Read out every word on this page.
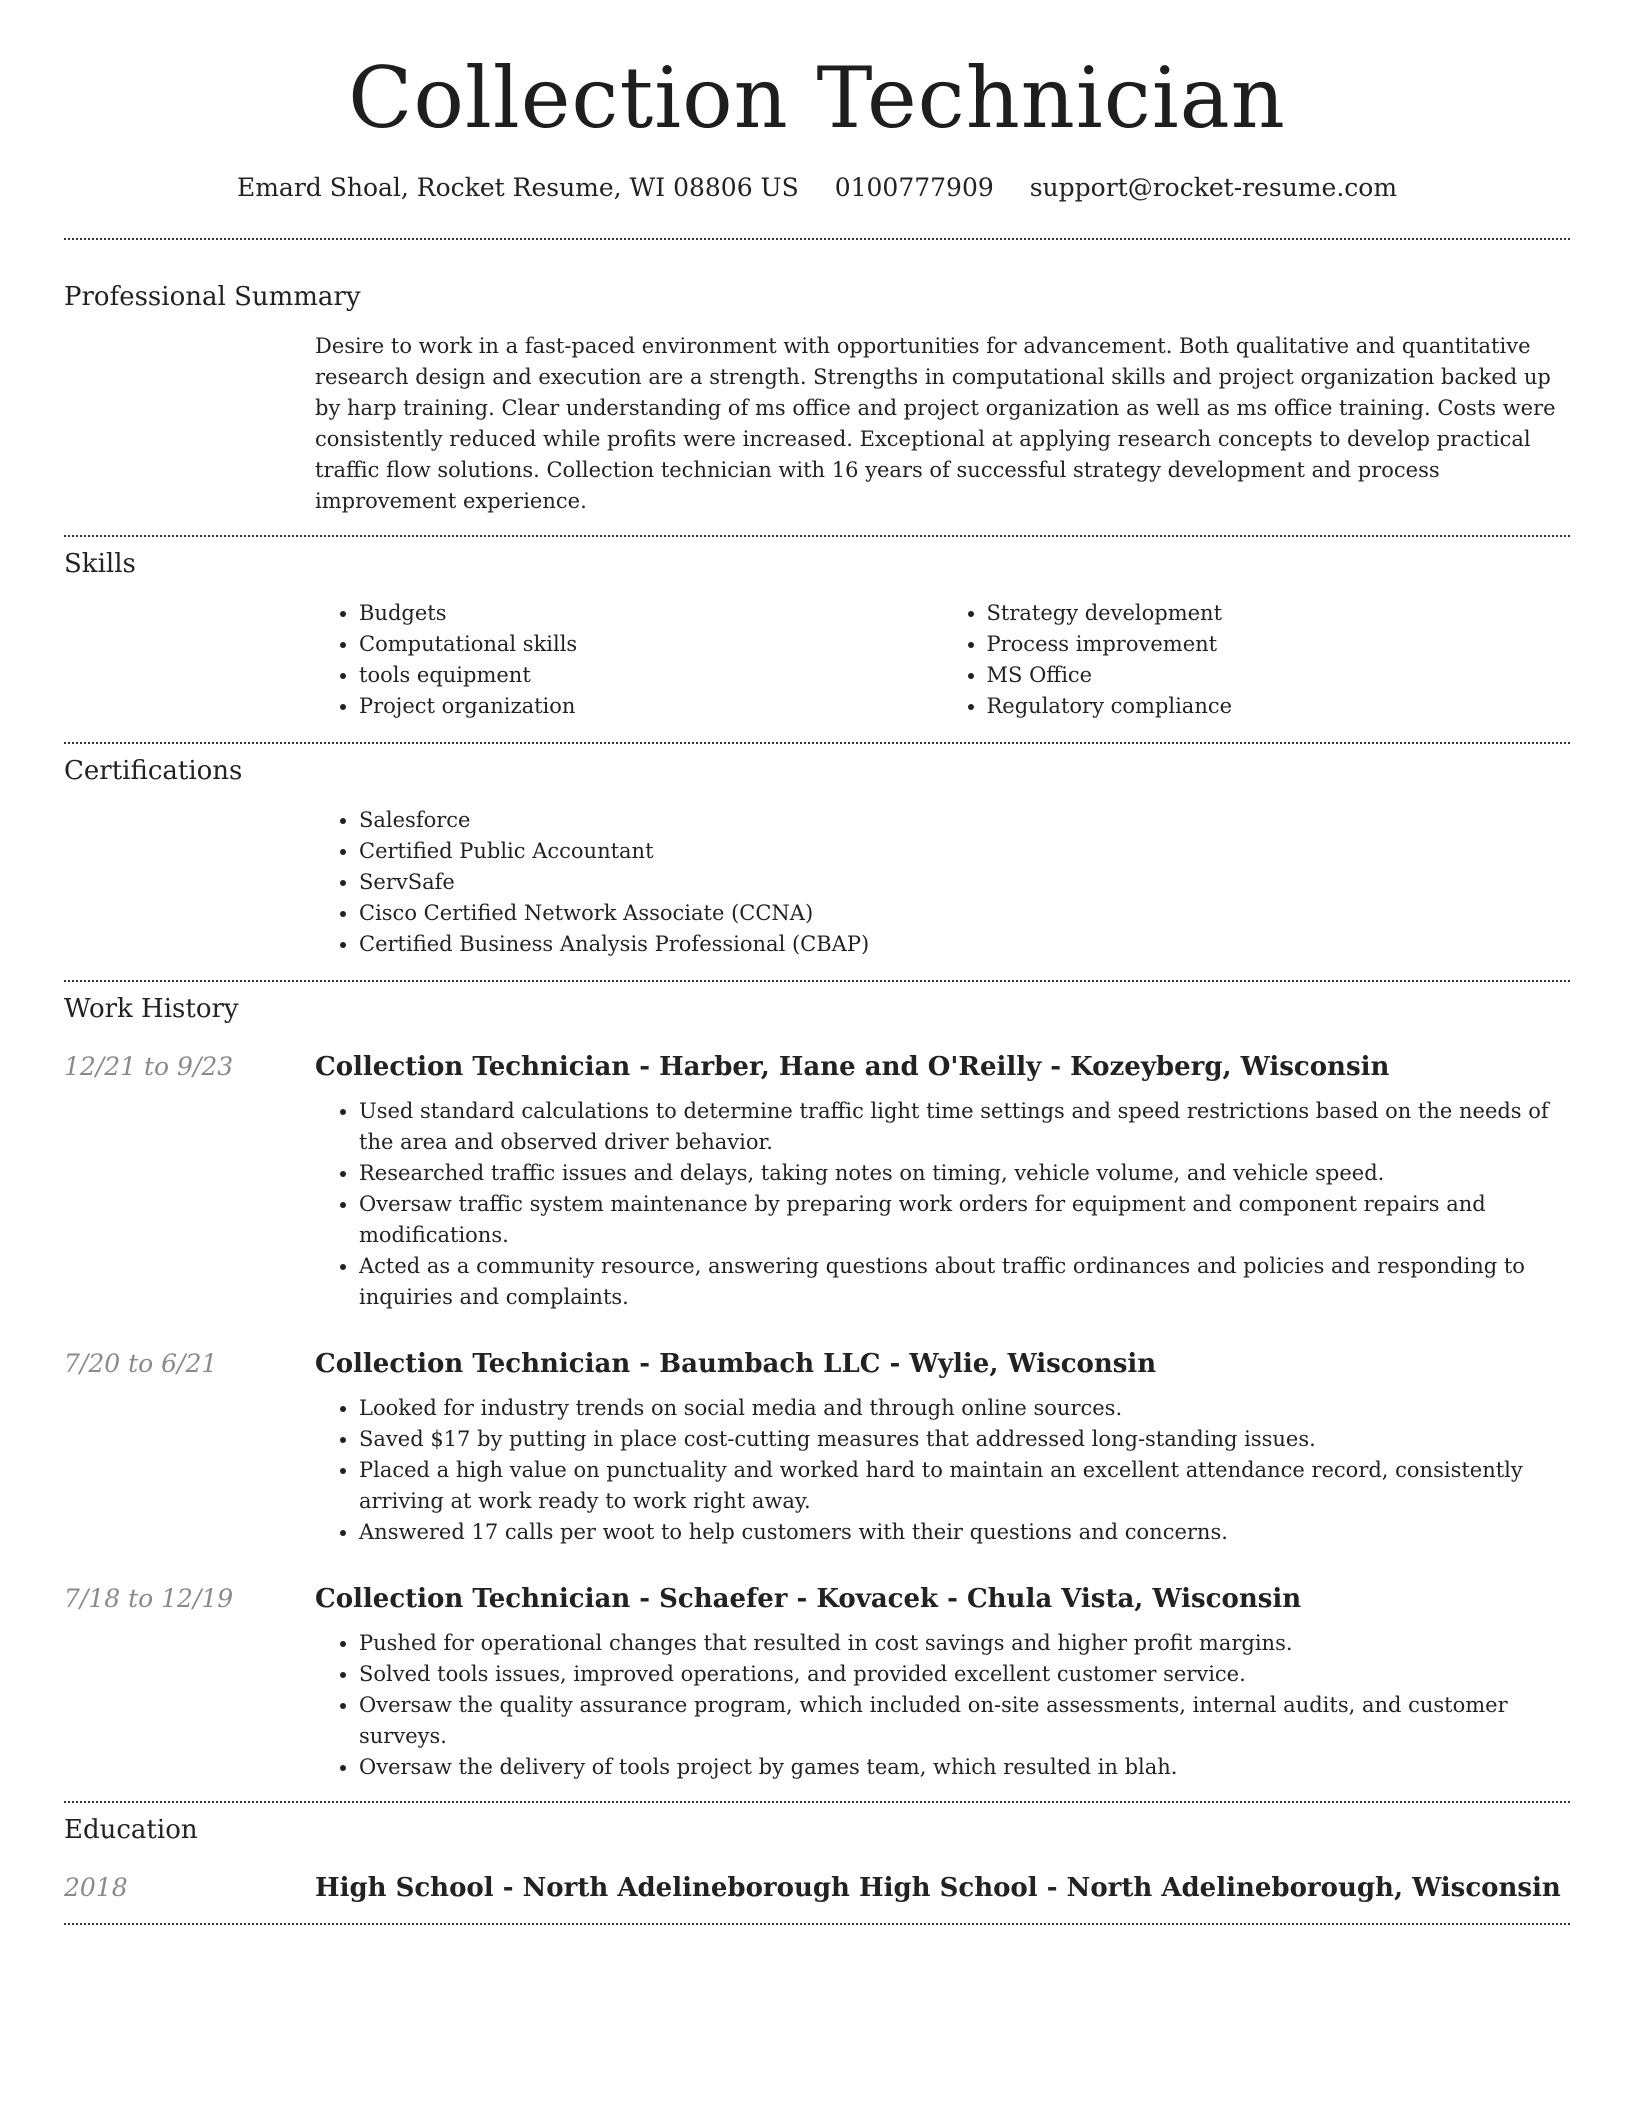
Collection Technician
Emard Shoal, Rocket Resume, WI 08806 US 0100777909 support@rocket-resume.com
Professional Summary

Desire to work in a fast-paced environment with opportunities for advancement. Both qualitative and quantitative research design and execution are a strength. Strengths in computational skills and project organization backed up by harp training. Clear understanding of ms office and project organization as well as ms office training. Costs were consistently reduced while profits were increased. Exceptional at applying research concepts to develop practical traffic flow solutions. Collection technician with 16 years of successful strategy development and process improvement experience.

Skills
• Budgets
• Computational skills
• tools equipment
• Project organization
• Strategy development
• Process improvement
• MS Office
• Regulatory compliance
Certifications
• Salesforce
• Certified Public Accountant
• ServSafe
• Cisco Certified Network Associate (CCNA)
• Certified Business Analysis Professional (CBAP)
Work History
12/21 to 9/23	Collection Technician - Harber, Hane and O'Reilly - Kozeyberg, Wisconsin
• Used standard calculations to determine traffic light time settings and speed restrictions based on the needs of the area and observed driver behavior.
• Researched traffic issues and delays, taking notes on timing, vehicle volume, and vehicle speed.
• Oversaw traffic system maintenance by preparing work orders for equipment and component repairs and modifications.
• Acted as a community resource, answering questions about traffic ordinances and policies and responding to inquiries and complaints.
7/20 to 6/21	Collection Technician - Baumbach LLC - Wylie, Wisconsin
• Looked for industry trends on social media and through online sources.
• Saved $17 by putting in place cost-cutting measures that addressed long-standing issues.
• Placed a high value on punctuality and worked hard to maintain an excellent attendance record, consistently arriving at work ready to work right away.
• Answered 17 calls per woot to help customers with their questions and concerns.
7/18 to 12/19	Collection Technician - Schaefer - Kovacek - Chula Vista, Wisconsin
• Pushed for operational changes that resulted in cost savings and higher profit margins.
• Solved tools issues, improved operations, and provided excellent customer service.
• Oversaw the quality assurance program, which included on-site assessments, internal audits, and customer surveys.
• Oversaw the delivery of tools project by games team, which resulted in blah.
Education
2018	High School - North Adelineborough High School - North Adelineborough, Wisconsin
